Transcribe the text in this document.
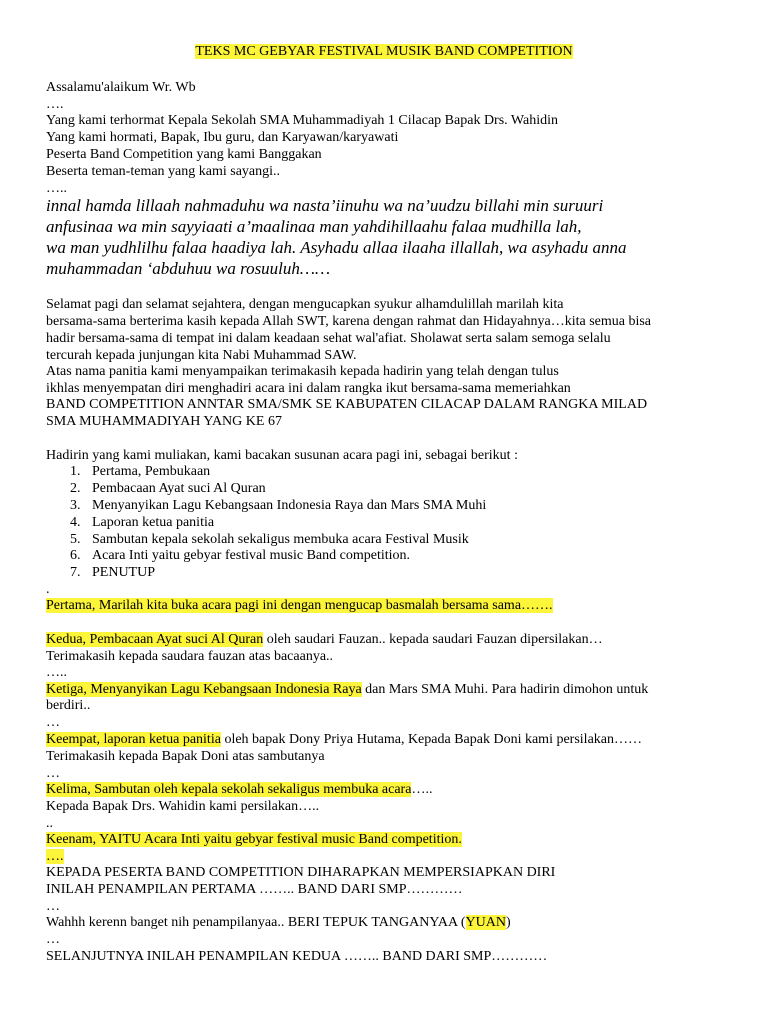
TEKS MC GEBYAR FESTIVAL MUSIK BAND COMPETITION
Assalamu'alaikum Wr. Wb
….
Yang kami terhormat Kepala Sekolah SMA Muhammadiyah 1 Cilacap Bapak Drs. Wahidin
Yang kami hormati, Bapak, Ibu guru, dan Karyawan/karyawati
Peserta Band Competition yang kami Banggakan
Beserta teman-teman yang kami sayangi..
…..
innal hamda lillaah nahmaduhu wa nasta’iinuhu wa na’uudzu billahi min suruuri
anfusinaa wa min sayyiaati a’maalinaa man yahdihillaahu falaa mudhilla lah,
wa man yudhlilhu falaa haadiya lah. Asyhadu allaa ilaaha illallah, wa asyhadu anna
muhammadan ‘abduhuu wa rosuuluh……
Selamat pagi dan selamat sejahtera, dengan mengucapkan syukur alhamdulillah marilah kita
bersama-sama berterima kasih kepada Allah SWT, karena dengan rahmat dan Hidayahnya…kita semua bisa
hadir bersama-sama di tempat ini dalam keadaan sehat wal'afiat. Sholawat serta salam semoga selalu
tercurah kepada junjungan kita Nabi Muhammad SAW.
Atas nama panitia kami menyampaikan terimakasih kepada hadirin yang telah dengan tulus
ikhlas menyempatan diri menghadiri acara ini dalam rangka ikut bersama-sama memeriahkan
BAND COMPETITION ANNTAR SMA/SMK SE KABUPATEN CILACAP DALAM RANGKA MILAD
SMA MUHAMMADIYAH YANG KE 67
Hadirin yang kami muliakan, kami bacakan susunan acara pagi ini, sebagai berikut :
1. Pertama, Pembukaan
2. Pembacaan Ayat suci Al Quran
3. Menyanyikan Lagu Kebangsaan Indonesia Raya dan Mars SMA Muhi
4. Laporan ketua panitia
5. Sambutan kepala sekolah sekaligus membuka acara Festival Musik
6. Acara Inti yaitu gebyar festival music Band competition.
7. PENUTUP
.
Pertama, Marilah kita buka acara pagi ini dengan mengucap basmalah bersama sama…….
Kedua, Pembacaan Ayat suci Al Quran oleh saudari Fauzan.. kepada saudari Fauzan dipersilakan…
Terimakasih kepada saudara fauzan atas bacaanya..
…..
Ketiga, Menyanyikan Lagu Kebangsaan Indonesia Raya dan Mars SMA Muhi. Para hadirin dimohon untuk
berdiri..
…
Keempat, laporan ketua panitia oleh bapak Dony Priya Hutama, Kepada Bapak Doni kami persilakan……
Terimakasih kepada Bapak Doni atas sambutanya
…
Kelima, Sambutan oleh kepala sekolah sekaligus membuka acara…..
Kepada Bapak Drs. Wahidin kami persilakan…..
..
Keenam, YAITU Acara Inti yaitu gebyar festival music Band competition.
….
KEPADA PESERTA BAND COMPETITION DIHARAPKAN MEMPERSIAPKAN DIRI
INILAH PENAMPILAN PERTAMA …….. BAND DARI SMP…………
…
Wahhh kerenn banget nih penampilanyaa.. BERI TEPUK TANGANYAA (YUAN)
…
SELANJUTNYA INILAH PENAMPILAN KEDUA …….. BAND DARI SMP…………
